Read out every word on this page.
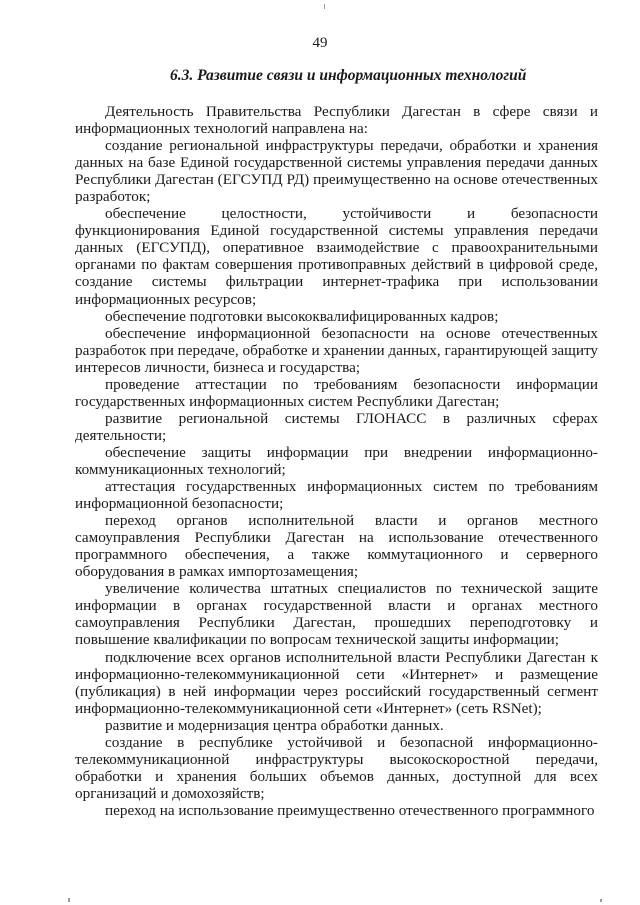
49
6.3. Развитие связи и информационных технологий

Деятельность Правительства Республики Дагестан в сфере связи и информационных технологий направлена на:

создание региональной инфраструктуры передачи, обработки и хранения данных на базе Единой государственной системы управления передачи данных Республики Дагестан (ЕГСУПД РД) преимущественно на основе отечественных разработок;

обеспечение целостности, устойчивости и безопасности функционирования Единой государственной системы управления передачи данных (ЕГСУПД), оперативное взаимодействие с правоохранительными органами по фактам совершения противоправных действий в цифровой среде, создание системы фильтрации интернет-трафика при использовании информационных ресурсов;

обеспечение подготовки высококвалифицированных кадров;

обеспечение информационной безопасности на основе отечественных разработок при передаче, обработке и хранении данных, гарантирующей защиту интересов личности, бизнеса и государства;

проведение аттестации по требованиям безопасности информации государственных информационных систем Республики Дагестан;

развитие региональной системы ГЛОНАСС в различных сферах деятельности;

обеспечение защиты информации при внедрении информационно-коммуникационных технологий;

аттестация государственных информационных систем по требованиям информационной безопасности;

переход органов исполнительной власти и органов местного самоуправления Республики Дагестан на использование отечественного программного обеспечения, а также коммутационного и серверного оборудования в рамках импортозамещения;

увеличение количества штатных специалистов по технической защите информации в органах государственной власти и органах местного самоуправления Республики Дагестан, прошедших переподготовку и повышение квалификации по вопросам технической защиты информации;

подключение всех органов исполнительной власти Республики Дагестан к информационно-телекоммуникационной сети «Интернет» и размещение (публикация) в ней информации через российский государственный сегмент информационно-телекоммуникационной сети «Интернет» (сеть RSNet);

развитие и модернизация центра обработки данных.

создание в республике устойчивой и безопасной информационно-телекоммуникационной инфраструктуры высокоскоростной передачи, обработки и хранения больших объемов данных, доступной для всех организаций и домохозяйств;

переход на использование преимущественно отечественного программного
